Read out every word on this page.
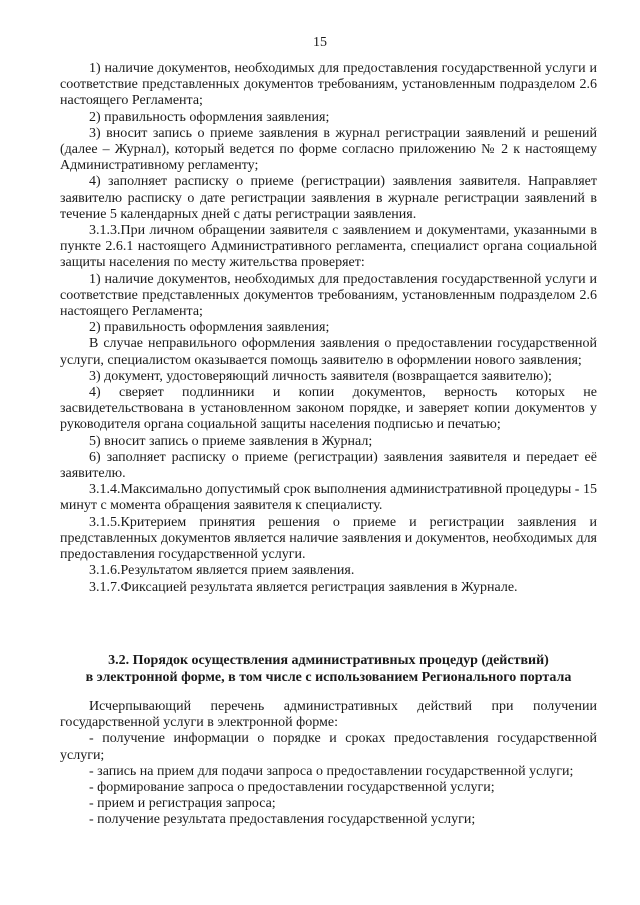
15

1) наличие документов, необходимых для предоставления государственной услуги и соответствие представленных документов требованиям, установленным подразделом 2.6 настоящего Регламента;

2) правильность оформления заявления;

3) вносит запись о приеме заявления в журнал регистрации заявлений и решений (далее – Журнал), который ведется по форме согласно приложению № 2 к настоящему Административному регламенту;

4) заполняет расписку о приеме (регистрации) заявления заявителя. Направляет заявителю расписку о дате регистрации заявления в журнале регистрации заявлений в течение 5 календарных дней с даты регистрации заявления.

3.1.3.При личном обращении заявителя с заявлением и документами, указанными в пункте 2.6.1 настоящего Административного регламента, специалист органа социальной защиты населения по месту жительства проверяет:

1) наличие документов, необходимых для предоставления государственной услуги и соответствие представленных документов требованиям, установленным подразделом 2.6 настоящего Регламента;

2) правильность оформления заявления;

В случае неправильного оформления заявления о предоставлении государственной услуги, специалистом оказывается помощь заявителю в оформлении нового заявления;

3) документ, удостоверяющий личность заявителя (возвращается заявителю);

4) сверяет подлинники и копии документов, верность которых не засвидетельствована в установленном законом порядке, и заверяет копии документов у руководителя органа социальной защиты населения подписью и печатью;

5) вносит запись о приеме заявления в Журнал;

6) заполняет расписку о приеме (регистрации) заявления заявителя и передает её заявителю.

3.1.4.Максимально допустимый срок выполнения административной процедуры - 15 минут с момента обращения заявителя к специалисту.

3.1.5.Критерием принятия решения о приеме и регистрации заявления и представленных документов является наличие заявления и документов, необходимых для предоставления государственной услуги.

3.1.6.Результатом является прием заявления.

3.1.7.Фиксацией результата является регистрация заявления в Журнале.

3.2. Порядок осуществления административных процедур (действий)

в электронной форме, в том числе с использованием Регионального портала

Исчерпывающий перечень административных действий при получении государственной услуги в электронной форме:

- получение информации о порядке и сроках предоставления государственной услуги;

- запись на прием для подачи запроса о предоставлении государственной услуги;

- формирование запроса о предоставлении государственной услуги;

- прием и регистрация запроса;

- получение результата предоставления государственной услуги;
